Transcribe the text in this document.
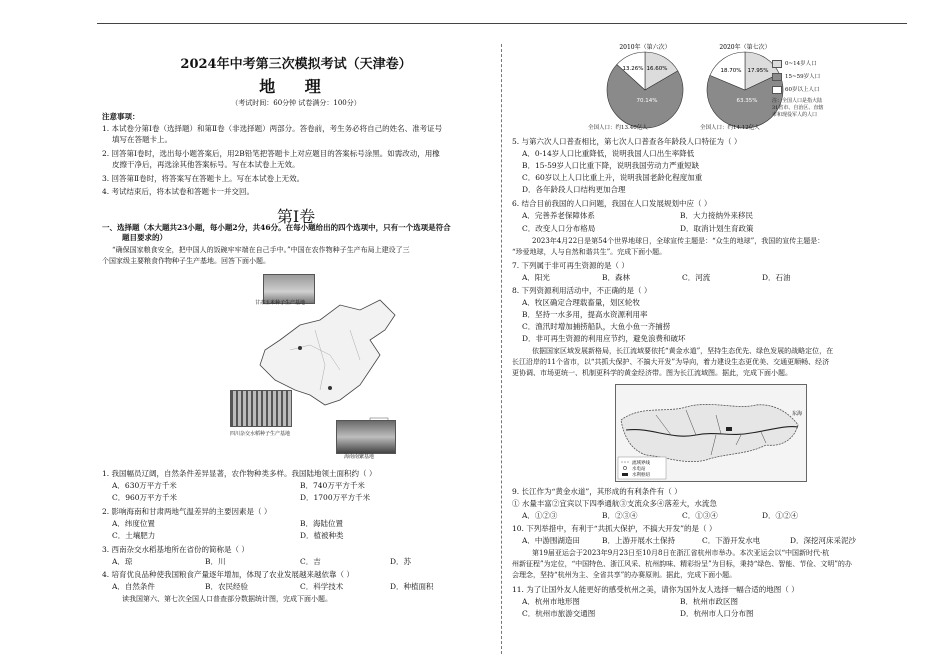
2024年中考第三次模拟考试（天津卷）
地 理
（考试时间：60分钟 试卷满分：100分）
注意事项：
1. 本试卷分第Ⅰ卷（选择题）和第Ⅱ卷（非选择题）两部分。答卷前，考生务必将自己的姓名、准考证号
填写在答题卡上。
2. 回答第Ⅰ卷时，选出每小题答案后，用2B铅笔把答题卡上对应题目的答案标号涂黑。如需改动，用橡
皮擦干净后，再选涂其他答案标号。写在本试卷上无效。
3. 回答第Ⅱ卷时，将答案写在答题卡上。写在本试卷上无效。
4. 考试结束后，将本试卷和答题卡一并交回。
第Ⅰ卷
一、选择题（本大题共23小题，每小题2分，共46分。在每小题给出的四个选项中，只有一个选项是符合
题目要求的）
“确保国家粮食安全，把中国人的饭碗牢牢端在自己手中。”中国在农作物种子生产布局上建设了三
个国家级主要粮食作物种子生产基地。回答下面小题。
甘肃玉米种子生产基地
四川杂交水稻种子生产基地
海南南繁基地
1. 我国幅员辽阔，自然条件差异显著，农作物种类多样。我国陆地领土面积约（ ）
A．630万平方千米	B．740万平方千米
C．960万平方千米	D．1700万平方千米
2. 影响海南和甘肃两地气温差异的主要因素是（ ）
A．纬度位置	B．海陆位置
C．土壤肥力	D．植被种类
3. 西南杂交水稻基地所在省份的简称是（ ）
A．琼	B．川	C．吉	D．苏
4. 培育优良品种使我国粮食产量逐年增加，体现了农业发展越来越依靠（ ）
A．自然条件	B．农民经验	C．科学技术	D．种植面积
读我国第六、第七次全国人口普查部分数据统计图，完成下面小题。
2010年（第六次）	2020年（第七次）
13.26% 16.60%
70.14%
18.70% 17.95%
63.35%
全国人口：约13.40亿人	全国人口：约14.12亿人
0~14岁人口
15~59岁人口
60岁以上人口
注：全国人口是指大陆
31省市、自治区、直辖
市和现役军人的人口
5. 与第六次人口普查相比，第七次人口普查各年龄段人口特征为（ ）
A．0-14岁人口比重降低，说明我国人口出生率降低
B．15-59岁人口比重下降，说明我国劳动力严重短缺
C．60岁以上人口比重上升，说明我国老龄化程度加重
D．各年龄段人口结构更加合理
6. 结合目前我国的人口问题，我国在人口发展规划中应（ ）
A．完善养老保障体系	B．大力接纳外来移民
C．改变人口分布格局	D．取消计划生育政策
2023年4月22日是第54个世界地球日，全球宣传主题是：“众生的地球”，我国的宣传主题是：
“珍爱地球，人与自然和谐共生”。完成下面小题。
7. 下列属于非可再生资源的是（ ）
A．阳光	B．森林	C．河流	D．石油
8. 下列资源利用活动中，不正确的是（ ）
A．牧区确定合理载畜量，划区轮牧
B．坚持一水多用，提高水资源利用率
C．渔汛时增加捕捞船队，大鱼小鱼一齐捕捞
D．非可再生资源的利用应节约，避免浪费和破坏
依据国家区域发展新格局，长江流域要依托“黄金水道”，坚持生态优先、绿色发展的战略定位，在
长江沿岸的11个省市，以“共抓大保护、不搞大开发”为导向，着力建设生态更优美、交通更顺畅、经济
更协调、市场更统一、机制更科学的黄金经济带。图为长江流域图。据此，完成下面小题。
流域界线
水电站
水利枢纽
东海
9. 长江作为“黄金水道”，其形成的有利条件有（ ）
① 水量丰富②宜宾以下四季通航③支流众多④落差大，水流急
A．①②③	B．②③④	C．①③④	D．①②④
10. 下列举措中，有利于“共抓大保护，不搞大开发”的是（ ）
A．中游围湖造田	B．上游开展水土保持	C．下游开发水电	D．深挖河床采泥沙
第19届亚运会于2023年9月23日至10月8日在浙江省杭州市举办。本次亚运会以“中国新时代·杭
州新征程”为定位，“中国特色、浙江风采、杭州韵味、精彩纷呈”为目标，秉持“绿色、智能、节俭、文明”的办
会理念，坚持“杭州为主、全省共享”的办赛原则。据此，完成下面小题。
11. 为了让国外友人能更好的感受杭州之美，请你为国外友人选择一幅合适的地图（ ）
A．杭州市地形图	B．杭州市政区图
C．杭州市旅游交通图	D．杭州市人口分布图
